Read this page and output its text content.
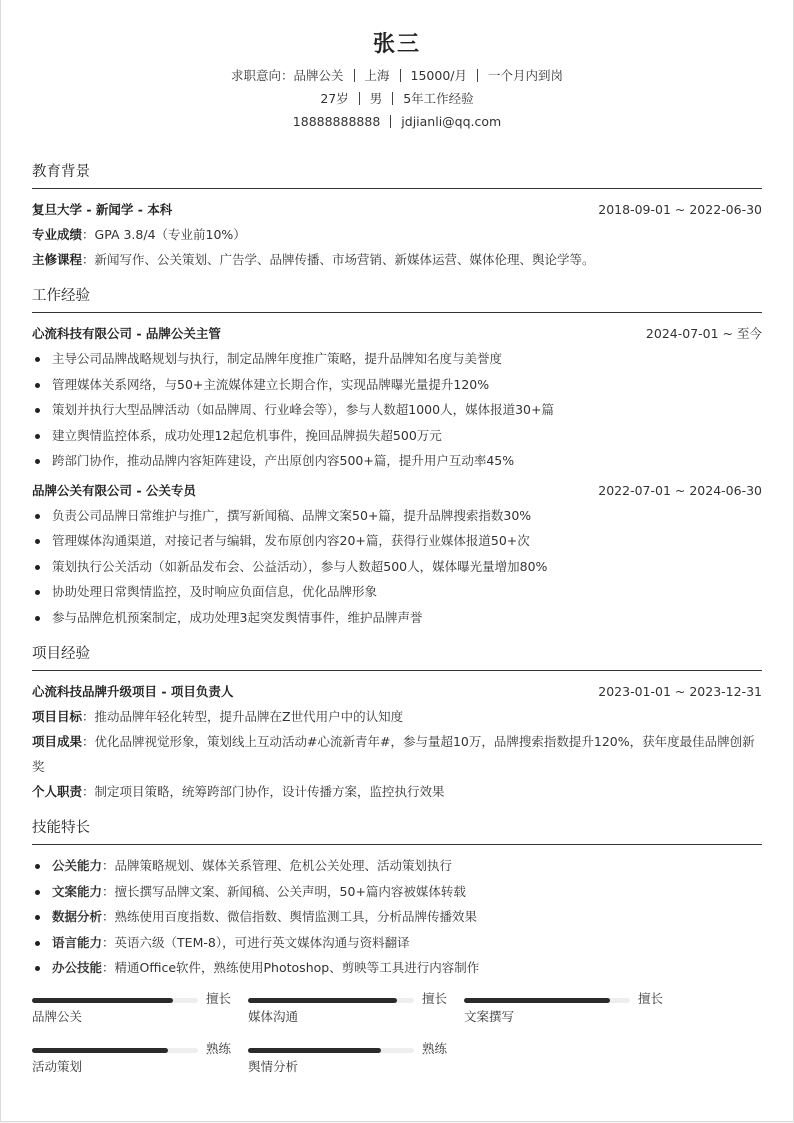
张三
求职意向：品牌公关 上海 15000/月 一个月内到岗
27岁 男 5年工作经验
18888888888 jdjianli@qq.com
教育背景
复旦大学 - 新闻学 - 本科	2018-09-01 ~ 2022-06-30
专业成绩：GPA 3.8/4（专业前10%）
主修课程：新闻写作、公关策划、广告学、品牌传播、市场营销、新媒体运营、媒体伦理、舆论学等。
工作经验
心流科技有限公司 - 品牌公关主管	2024-07-01 ~ 至今
主导公司品牌战略规划与执行，制定品牌年度推广策略，提升品牌知名度与美誉度
管理媒体关系网络，与50+主流媒体建立长期合作，实现品牌曝光量提升120%
策划并执行大型品牌活动（如品牌周、行业峰会等），参与人数超1000人，媒体报道30+篇
建立舆情监控体系，成功处理12起危机事件，挽回品牌损失超500万元
跨部门协作，推动品牌内容矩阵建设，产出原创内容500+篇，提升用户互动率45%
品牌公关有限公司 - 公关专员	2022-07-01 ~ 2024-06-30
负责公司品牌日常维护与推广，撰写新闻稿、品牌文案50+篇，提升品牌搜索指数30%
管理媒体沟通渠道，对接记者与编辑，发布原创内容20+篇，获得行业媒体报道50+次
策划执行公关活动（如新品发布会、公益活动），参与人数超500人，媒体曝光量增加80%
协助处理日常舆情监控，及时响应负面信息，优化品牌形象
参与品牌危机预案制定，成功处理3起突发舆情事件，维护品牌声誉
项目经验
心流科技品牌升级项目 - 项目负责人	2023-01-01 ~ 2023-12-31
项目目标：推动品牌年轻化转型，提升品牌在Z世代用户中的认知度
项目成果：优化品牌视觉形象，策划线上互动活动#心流新青年#，参与量超10万，品牌搜索指数提升120%，获年度最佳品牌创新奖
个人职责：制定项目策略，统筹跨部门协作，设计传播方案，监控执行效果
技能特长
公关能力：品牌策略规划、媒体关系管理、危机公关处理、活动策划执行
文案能力：擅长撰写品牌文案、新闻稿、公关声明，50+篇内容被媒体转载
数据分析：熟练使用百度指数、微信指数、舆情监测工具，分析品牌传播效果
语言能力：英语六级（TEM-8），可进行英文媒体沟通与资料翻译
办公技能：精通Office软件，熟练使用Photoshop、剪映等工具进行内容制作
擅长
品牌公关
擅长
媒体沟通
擅长
文案撰写
熟练
活动策划
熟练
舆情分析
